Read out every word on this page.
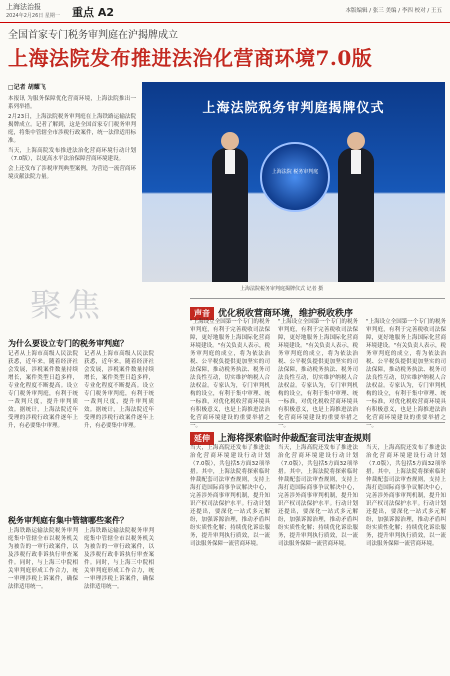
上海法治报
2024年2月26日 星期一 重点 A2	本版编辑 / 张三 美编 / 李四 校对 / 王五
全国首家专门税务审判庭在沪揭牌成立
上海法院发布推进法治化营商环境7.0版
□记者 胡耀飞

本报讯 为服务保障优化营商环境，上海法院推出一系列举措。

2月23日，上海法院税务审判庭在上海铁路运输法院揭牌成立。记者了解到，这是全国首家专门税务审判庭，将集中管辖全市涉税行政案件，统一法律适用标准。

当天，上海高院发布推进法治化营商环境行动计划（7.0版），以更高水平法治保障营商环境建设。

会上还发布了涉税审判典型案例，为营造一流营商环境贡献法院力量。

上海法院税务审判庭揭牌仪式
上海法院 税务审判庭
上海法院税务审判庭揭牌仪式 记者 摄
聚焦
为什么要设立专门的税务审判庭？
记者从上海市高级人民法院获悉，近年来，随着经济社会发展，涉税案件数量持续增长，案件类型日趋多样，专业化程度不断提高。设立专门税务审判庭，有利于统一裁判尺度，提升审判质效。据统计，上海法院近年受理的涉税行政案件逐年上升，有必要集中审理。
记者从上海市高级人民法院获悉，近年来，随着经济社会发展，涉税案件数量持续增长，案件类型日趋多样，专业化程度不断提高。设立专门税务审判庭，有利于统一裁判尺度，提升审判质效。据统计，上海法院近年受理的涉税行政案件逐年上升，有必要集中审理。
税务审判庭有集中管辖哪些案件？
上海铁路运输法院税务审判庭集中管辖全市以税务机关为被告的一审行政案件，以及涉税行政非诉执行审查案件。同时，与上海三中院相关审判庭形成工作合力，统一审理涉税上诉案件，确保法律适用统一。
上海铁路运输法院税务审判庭集中管辖全市以税务机关为被告的一审行政案件，以及涉税行政非诉执行审查案件。同时，与上海三中院相关审判庭形成工作合力，统一审理涉税上诉案件，确保法律适用统一。
声音 优化税收营商环境，维护税收秩序
"上海设立全国第一个专门的税务审判庭，有利于完善税收司法保障，更好地服务上海国际化营商环境建设。"有关负责人表示，税务审判庭的成立，将为依法治税、公平税负提供更加坚实的司法保障，推动税务执法、税务司法良性互动，切实维护纳税人合法权益。专家认为，专门审判机构的设立，有利于集中审理、统一标准，对优化税收营商环境具有积极意义，也是上海推进法治化营商环境建设的重要举措之一。
"上海设立全国第一个专门的税务审判庭，有利于完善税收司法保障，更好地服务上海国际化营商环境建设。"有关负责人表示，税务审判庭的成立，将为依法治税、公平税负提供更加坚实的司法保障，推动税务执法、税务司法良性互动，切实维护纳税人合法权益。专家认为，专门审判机构的设立，有利于集中审理、统一标准，对优化税收营商环境具有积极意义，也是上海推进法治化营商环境建设的重要举措之一。
"上海设立全国第一个专门的税务审判庭，有利于完善税收司法保障，更好地服务上海国际化营商环境建设。"有关负责人表示，税务审判庭的成立，将为依法治税、公平税负提供更加坚实的司法保障，推动税务执法、税务司法良性互动，切实维护纳税人合法权益。专家认为，专门审判机构的设立，有利于集中审理、统一标准，对优化税收营商环境具有积极意义，也是上海推进法治化营商环境建设的重要举措之一。
延伸 上海将探索临时仲裁配套司法审查规则
当天，上海高院还发布了推进法治化营商环境建设行动计划（7.0版），共包括5方面32项举措。其中，上海法院将探索临时仲裁配套司法审查规则，支持上海打造国际商事争议解决中心，完善涉外商事审判机制，提升知识产权司法保护水平。行动计划还提出，要深化一站式多元解纷，加强诉源治理，推动矛盾纠纷实质性化解；持续优化诉讼服务，提升审判执行质效，以一流司法服务保障一流营商环境。
当天，上海高院还发布了推进法治化营商环境建设行动计划（7.0版），共包括5方面32项举措。其中，上海法院将探索临时仲裁配套司法审查规则，支持上海打造国际商事争议解决中心，完善涉外商事审判机制，提升知识产权司法保护水平。行动计划还提出，要深化一站式多元解纷，加强诉源治理，推动矛盾纠纷实质性化解；持续优化诉讼服务，提升审判执行质效，以一流司法服务保障一流营商环境。
当天，上海高院还发布了推进法治化营商环境建设行动计划（7.0版），共包括5方面32项举措。其中，上海法院将探索临时仲裁配套司法审查规则，支持上海打造国际商事争议解决中心，完善涉外商事审判机制，提升知识产权司法保护水平。行动计划还提出，要深化一站式多元解纷，加强诉源治理，推动矛盾纠纷实质性化解；持续优化诉讼服务，提升审判执行质效，以一流司法服务保障一流营商环境。
